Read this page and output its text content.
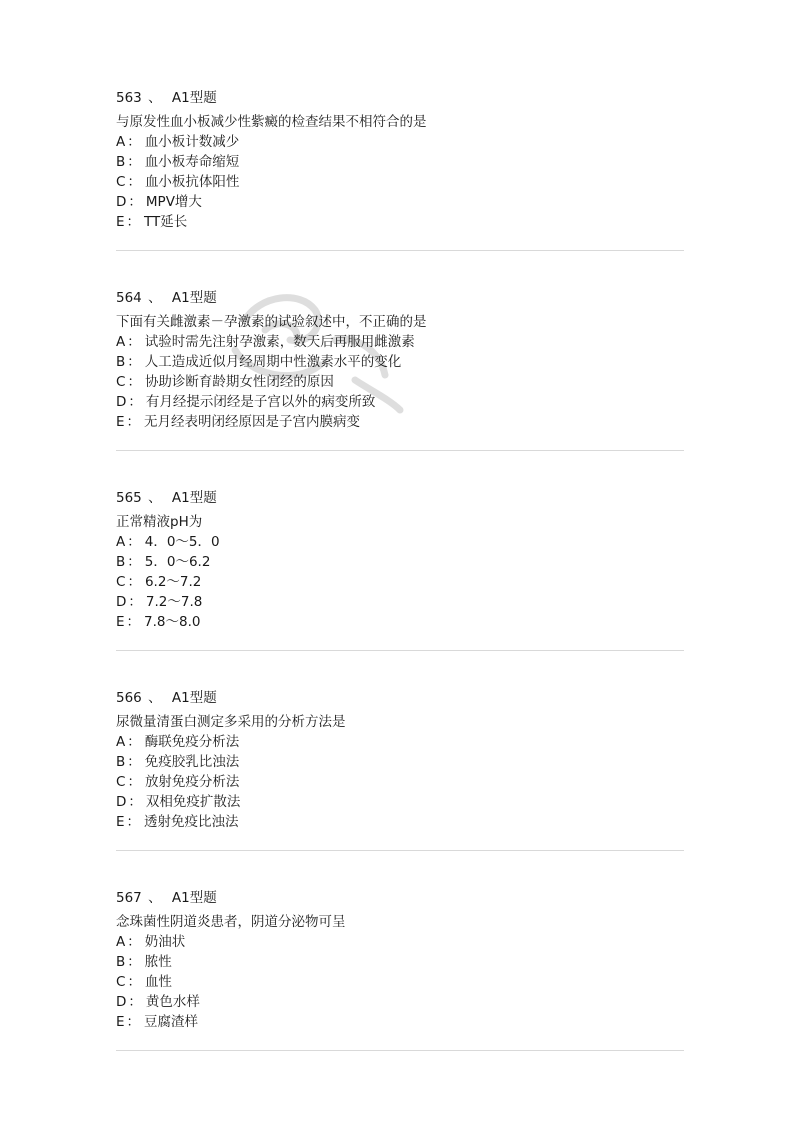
563 、 A1型题
与原发性血小板减少性紫癜的检查结果不相符合的是
A ： 血小板计数减少
B ： 血小板寿命缩短
C ： 血小板抗体阳性
D ： MPV增大
E ： TT延长
564 、 A1型题
下面有关雌激素－孕激素的试验叙述中，不正确的是
A ： 试验时需先注射孕激素，数天后再服用雌激素
B ： 人工造成近似月经周期中性激素水平的变化
C ： 协助诊断育龄期女性闭经的原因
D ： 有月经提示闭经是子宫以外的病变所致
E ： 无月经表明闭经原因是子宫内膜病变
565 、 A1型题
正常精液pH为
A ： 4．0～5．0
B ： 5．0～6.2
C ： 6.2～7.2
D ： 7.2～7.8
E ： 7.8～8.0
566 、 A1型题
尿微量清蛋白测定多采用的分析方法是
A ： 酶联免疫分析法
B ： 免疫胶乳比浊法
C ： 放射免疫分析法
D ： 双相免疫扩散法
E ： 透射免疫比浊法
567 、 A1型题
念珠菌性阴道炎患者，阴道分泌物可呈
A ： 奶油状
B ： 脓性
C ： 血性
D ： 黄色水样
E ： 豆腐渣样
